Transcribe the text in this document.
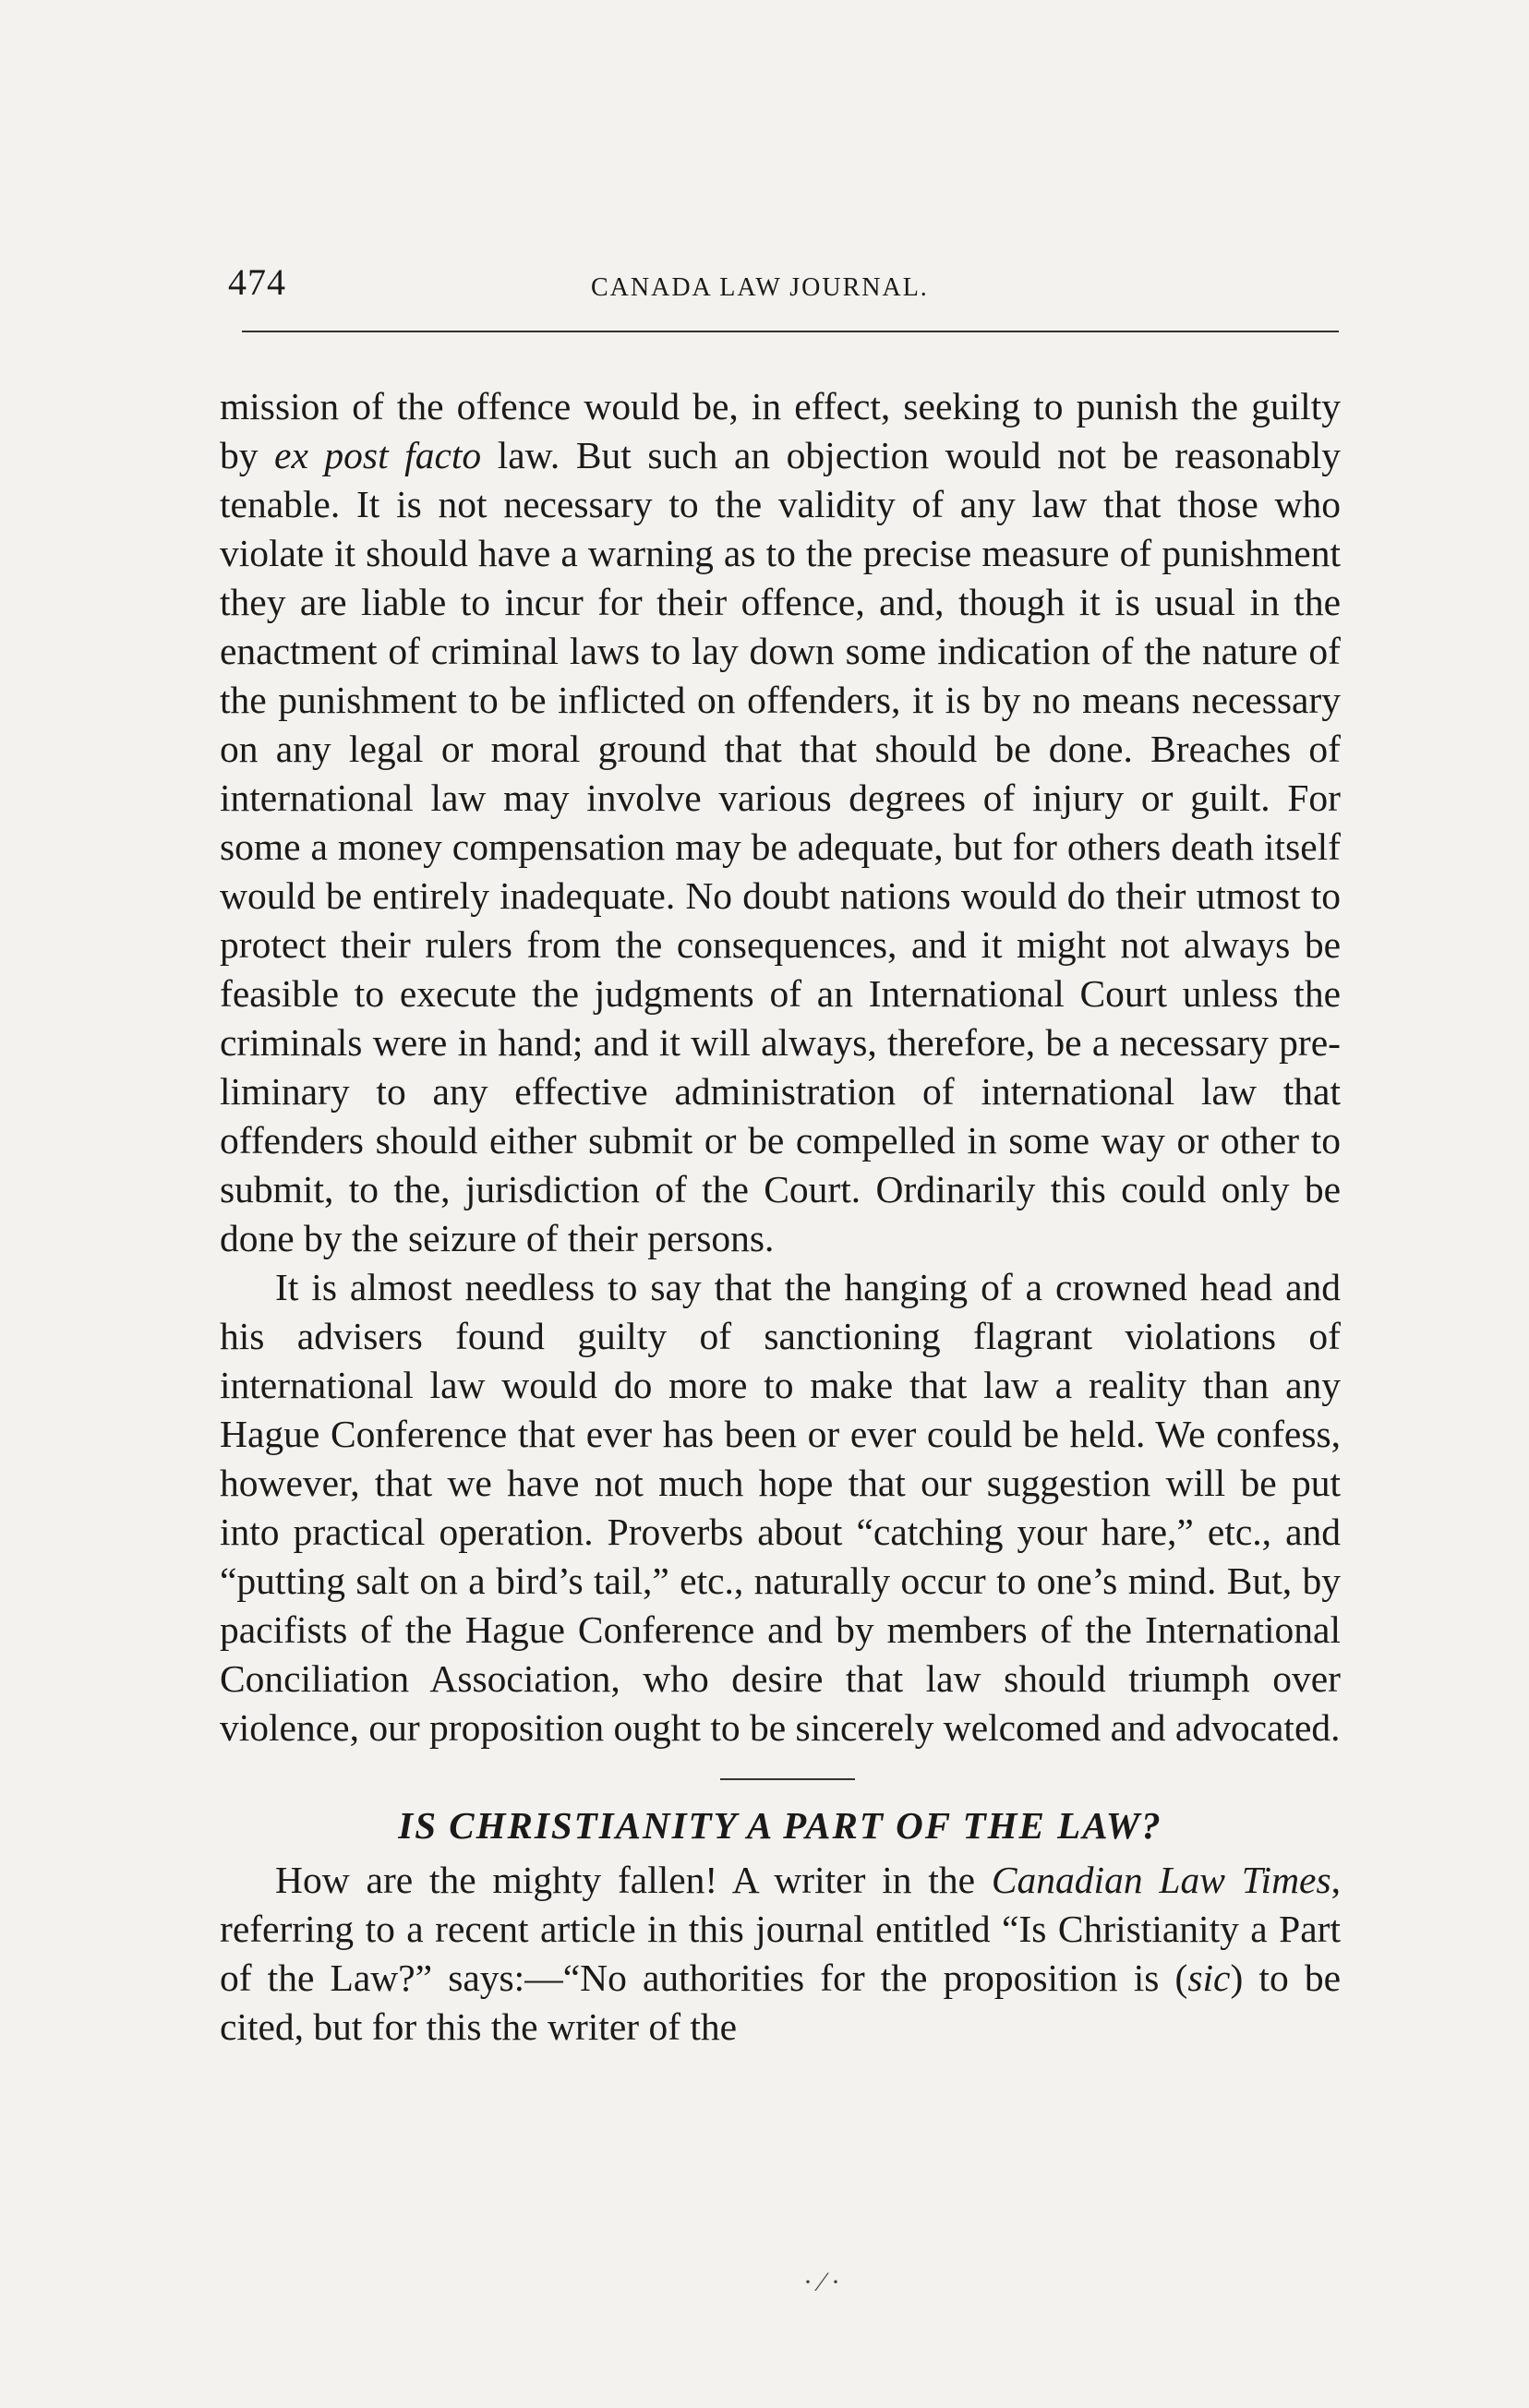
474	CANADA LAW JOURNAL.

mission of the offence would be, in effect, seeking to punish the guilty by ex post facto law. But such an objection would not be reasonably tenable. It is not necessary to the validity of any law that those who violate it should have a warning as to the precise measure of punishment they are liable to incur for their offence, and, though it is usual in the enactment of criminal laws to lay down some indication of the nature of the punishment to be inflicted on offenders, it is by no means necessary on any legal or moral ground that that should be done. Breaches of international law may involve various degrees of injury or guilt. For some a money compensation may be adequate, but for others death itself would be entirely inadequate. No doubt nations would do their utmost to protect their rulers from the consequences, and it might not always be feasible to execute the judgments of an International Court unless the criminals were in hand; and it will always, therefore, be a necessary preliminary to any effective administration of international law that offenders should either submit or be compelled in some way or other to submit, to the, jurisdiction of the Court. Ordinarily this could only be done by the seizure of their persons.

It is almost needless to say that the hanging of a crowned head and his advisers found guilty of sanctioning flagrant violations of international law would do more to make that law a reality than any Hague Conference that ever has been or ever could be held. We confess, however, that we have not much hope that our suggestion will be put into practical operation. Proverbs about “catching your hare,” etc., and “putting salt on a bird’s tail,” etc., naturally occur to one’s mind. But, by pacifists of the Hague Conference and by members of the International Conciliation Association, who desire that law should triumph over violence, our proposition ought to be sincerely welcomed and advocated.

IS CHRISTIANITY A PART OF THE LAW?

How are the mighty fallen! A writer in the Canadian Law Times, referring to a recent article in this journal entitled “Is Christianity a Part of the Law?” says:—“No authorities for the proposition is (sic) to be cited, but for this the writer of the

· ⁄ ·
